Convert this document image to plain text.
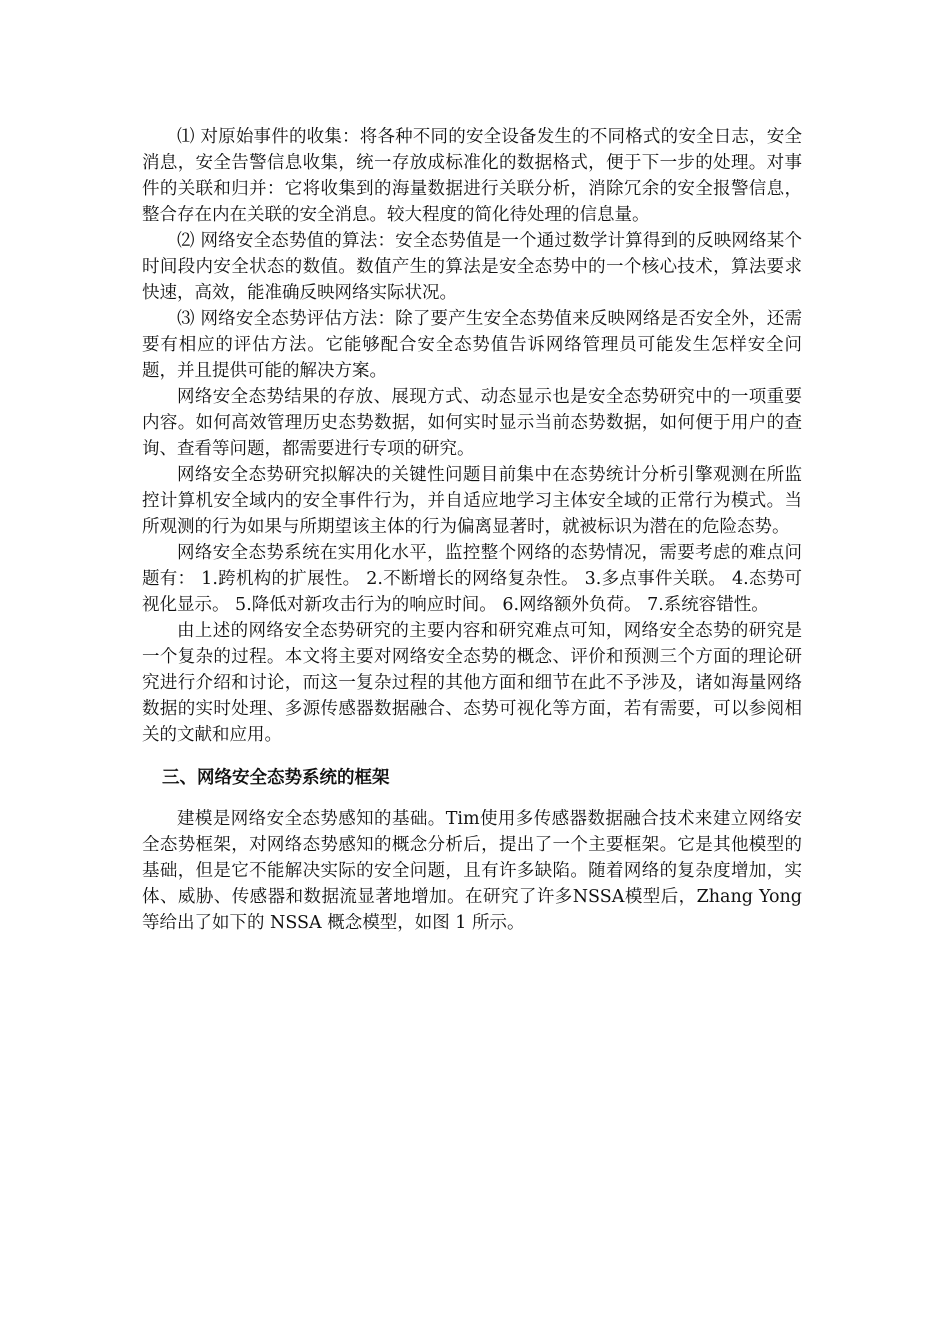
⑴ 对原始事件的收集：将各种不同的安全设备发生的不同格式的安全日志，安全消息，安全告警信息收集，统一存放成标准化的数据格式，便于下一步的处理。对事件的关联和归并：它将收集到的海量数据进行关联分析，消除冗余的安全报警信息，整合存在内在关联的安全消息。较大程度的简化待处理的信息量。

⑵ 网络安全态势值的算法：安全态势值是一个通过数学计算得到的反映网络某个时间段内安全状态的数值。数值产生的算法是安全态势中的一个核心技术，算法要求快速，高效，能准确反映网络实际状况。

⑶ 网络安全态势评估方法：除了要产生安全态势值来反映网络是否安全外，还需要有相应的评估方法。它能够配合安全态势值告诉网络管理员可能发生怎样安全问题，并且提供可能的解决方案。

网络安全态势结果的存放、展现方式、动态显示也是安全态势研究中的一项重要内容。如何高效管理历史态势数据，如何实时显示当前态势数据，如何便于用户的查询、查看等问题，都需要进行专项的研究。

网络安全态势研究拟解决的关键性问题目前集中在态势统计分析引擎观测在所监控计算机安全域内的安全事件行为，并自适应地学习主体安全域的正常行为模式。当所观测的行为如果与所期望该主体的行为偏离显著时，就被标识为潜在的危险态势。

网络安全态势系统在实用化水平，监控整个网络的态势情况，需要考虑的难点问题有： 1.跨机构的扩展性。 2.不断增长的网络复杂性。 3.多点事件关联。 4.态势可视化显示。 5.降低对新攻击行为的响应时间。 6.网络额外负荷。 7.系统容错性。

由上述的网络安全态势研究的主要内容和研究难点可知，网络安全态势的研究是一个复杂的过程。本文将主要对网络安全态势的概念、评价和预测三个方面的理论研究进行介绍和讨论，而这一复杂过程的其他方面和细节在此不予涉及，诸如海量网络数据的实时处理、多源传感器数据融合、态势可视化等方面，若有需要，可以参阅相关的文献和应用。

三、网络安全态势系统的框架

建模是网络安全态势感知的基础。Tim使用多传感器数据融合技术来建立网络安全态势框架，对网络态势感知的概念分析后，提出了一个主要框架。它是其他模型的基础，但是它不能解决实际的安全问题，且有许多缺陷。随着网络的复杂度增加，实体、威胁、传感器和数据流显著地增加。在研究了许多NSSA模型后，Zhang Yong 等给出了如下的 NSSA 概念模型，如图 1 所示。
